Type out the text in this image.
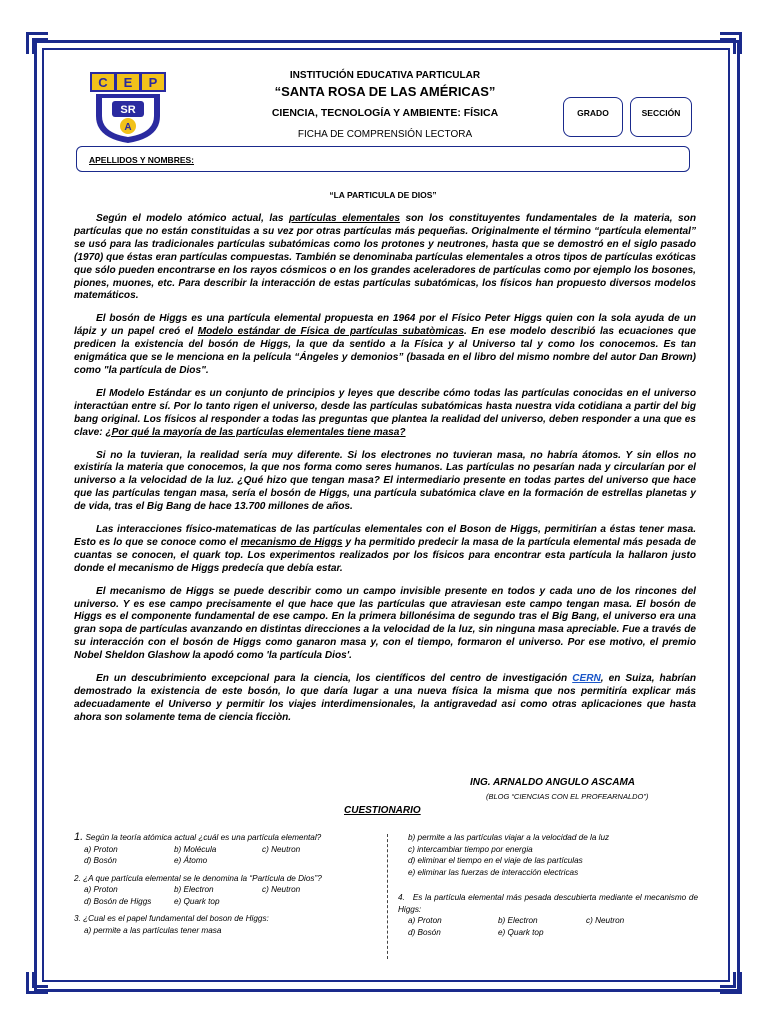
C E P
SR
A
INSTITUCIÓN EDUCATIVA PARTICULAR
“SANTA ROSA DE LAS AMÉRICAS”
CIENCIA, TECNOLOGÍA Y AMBIENTE: FÍSICA
FICHA DE COMPRENSIÓN LECTORA
GRADO	SECCIÓN
APELLIDOS Y NOMBRES:
“LA PARTICULA DE DIOS”

Según el modelo atómico actual, las partículas elementales son los constituyentes fundamentales de la materia, son partículas que no están constituidas a su vez por otras partículas más pequeñas. Originalmente el término “partícula elemental” se usó para las tradicionales partículas subatómicas como los protones y neutrones, hasta que se demostró en el siglo pasado (1970) que éstas eran partículas compuestas. También se denominaba partículas elementales a otros tipos de partículas exóticas que sólo pueden encontrarse en los rayos cósmicos o en los grandes aceleradores de partículas como por ejemplo los bosones, piones, muones, etc. Para describir la interacción de estas partículas subatómicas, los físicos han propuesto diversos modelos matemáticos.

El bosón de Higgs es una partícula elemental propuesta en 1964 por el Físico Peter Higgs quien con la sola ayuda de un lápiz y un papel creó el Modelo estándar de Física de partículas subatòmicas. En ese modelo describió las ecuaciones que predicen la existencia del bosón de Higgs, la que da sentido a la Física y al Universo tal y como los conocemos. Es tan enigmática que se le menciona en la película “Ángeles y demonios” (basada en el libro del mismo nombre del autor Dan Brown) como "la partícula de Dios".

El Modelo Estándar es un conjunto de principios y leyes que describe cómo todas las partículas conocidas en el universo interactúan entre sí. Por lo tanto rigen el universo, desde las partículas subatómicas hasta nuestra vida cotidiana a partir del big bang original. Los físicos al responder a todas las preguntas que plantea la realidad del universo, deben responder a una que es clave: ¿Por qué la mayoría de las partículas elementales tiene masa?

Si no la tuvieran, la realidad sería muy diferente. Si los electrones no tuvieran masa, no habría átomos. Y sin ellos no existiría la materia que conocemos, la que nos forma como seres humanos. Las partículas no pesarían nada y circularían por el universo a la velocidad de la luz. ¿Qué hizo que tengan masa? El intermediario presente en todas partes del universo que hace que las partículas tengan masa, sería el bosón de Higgs, una partícula subatómica clave en la formación de estrellas planetas y de vida, tras el Big Bang de hace 13.700 millones de años.

Las interacciones físico-matematicas de las partículas elementales con el Boson de Higgs, permitirían a éstas tener masa. Esto es lo que se conoce como el mecanismo de Higgs y ha permitido predecir la masa de la partícula elemental más pesada de cuantas se conocen, el quark top. Los experimentos realizados por los físicos para encontrar esta partícula la hallaron justo donde el mecanismo de Higgs predecía que debía estar.

El mecanismo de Higgs se puede describir como un campo invisible presente en todos y cada uno de los rincones del universo. Y es ese campo precisamente el que hace que las partículas que atraviesan este campo tengan masa. El bosón de Higgs es el componente fundamental de ese campo. En la primera billonésima de segundo tras el Big Bang, el universo era una gran sopa de partículas avanzando en distintas direcciones a la velocidad de la luz, sin ninguna masa apreciable. Fue a través de su interacción con el bosón de Higgs como ganaron masa y, con el tiempo, formaron el universo. Por ese motivo, el premio Nobel Sheldon Glashow la apodó como 'la partícula Dios'.

En un descubrimiento excepcional para la ciencia, los científicos del centro de investigación CERN, en Suiza, habrían demostrado la existencia de este bosón, lo que daría lugar a una nueva física la misma que nos permitiría explicar más adecuadamente el Universo y permitir los viajes interdimensionales, la antigravedad asi como otras aplicaciones que hasta ahora son solamente tema de ciencia ficciòn.

ING. ARNALDO ANGULO ASCAMA
(BLOG “CIENCIAS CON EL PROFEARNALDO”)
CUESTIONARIO
1. Según la teoría atómica actual ¿cuál es una partícula elemental?
a) Proton	b) Molécula	c) Neutron
d) Bosón	e) Átomo
2. ¿A que partícula elemental se le denomina la “Partícula de Dios”?
a) Proton	b) Electron	c) Neutron
d) Bosón de Higgs	e) Quark top
3. ¿Cual es el papel fundamental del boson de Higgs:
a) permite a las partículas tener masa
b) permite a las partículas viajar a la velocidad de la luz
c) intercambiar tiempo por energia
d) eliminar el tiempo en el viaje de las partículas
e) eliminar las fuerzas de interacción electricas
4.   Es la partícula elemental más pesada descubierta mediante el mecanismo de Higgs:
a) Proton	b) Electron	c) Neutron
d) Bosón	e) Quark top
